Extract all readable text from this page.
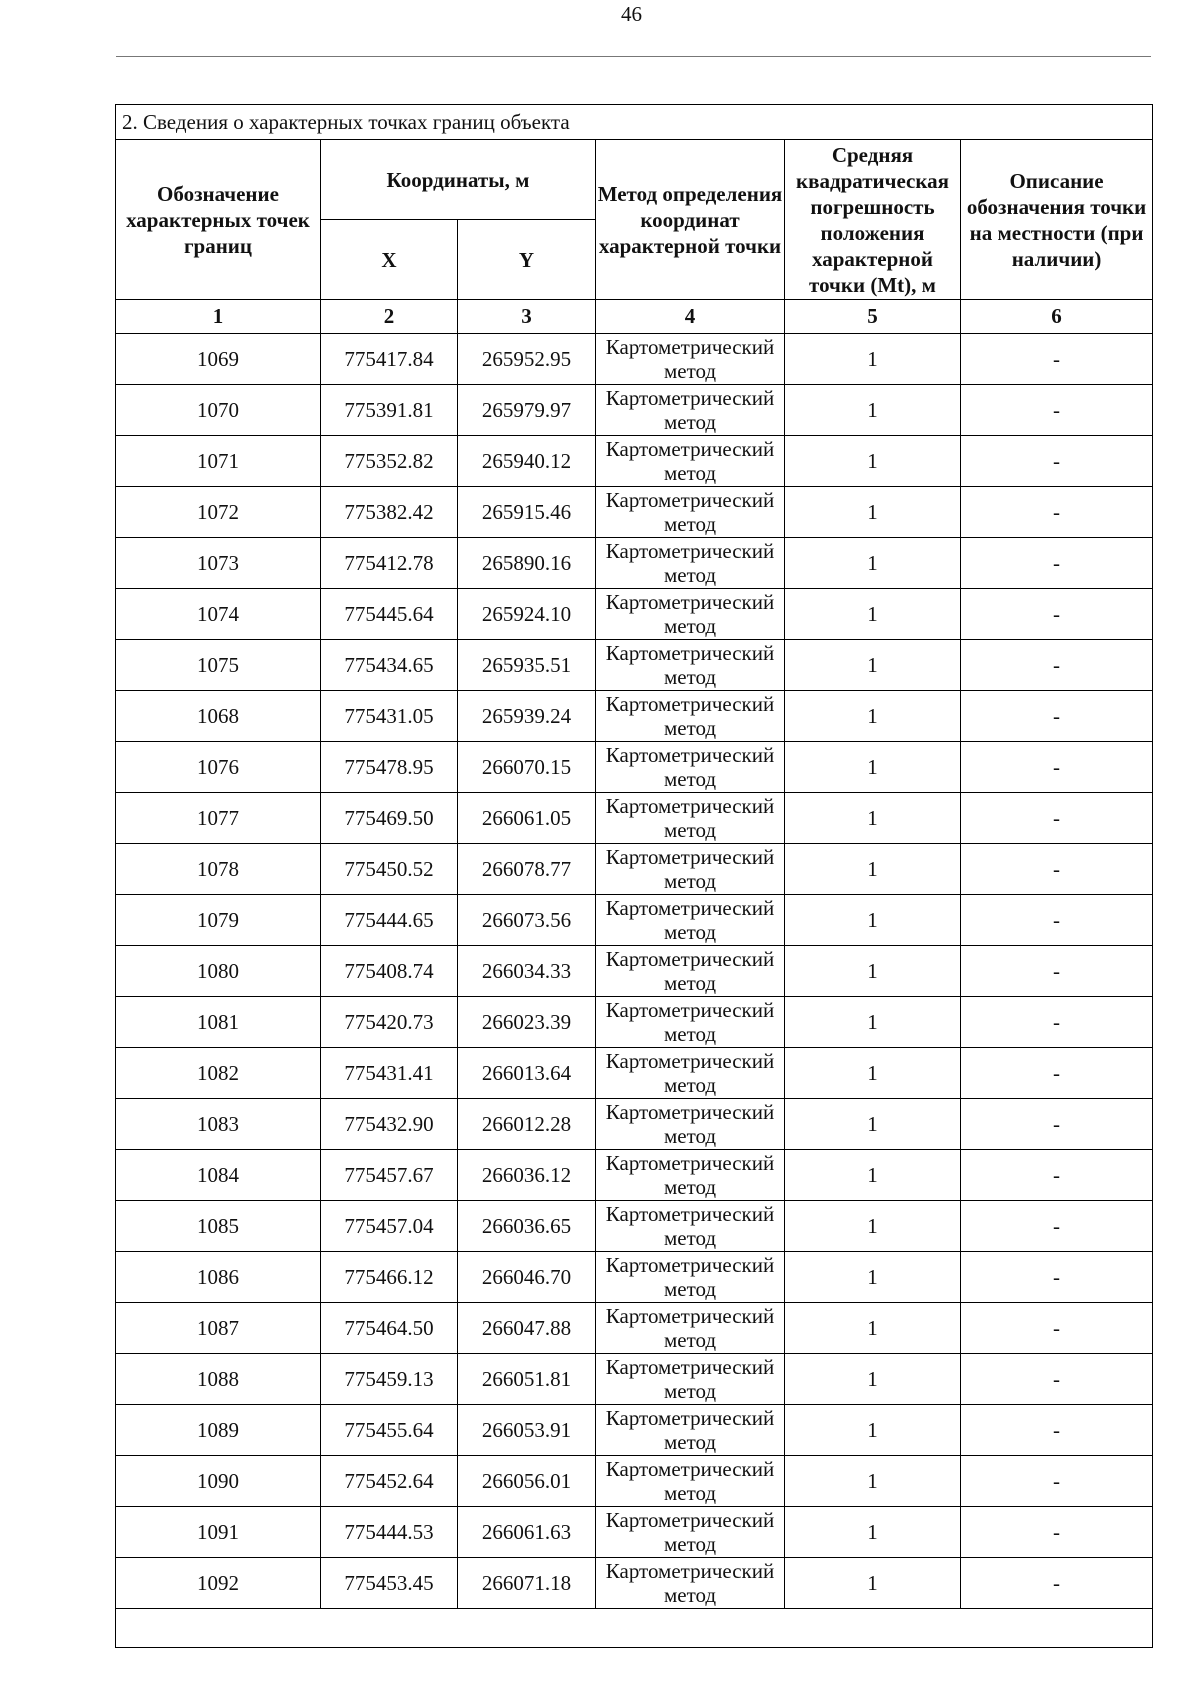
46
2. Сведения о характерных точках границ объекта					
Обозначение характерных точек границ	Координаты, м		Метод определения координат характерной точки	Средняя квадратическая погрешность положения характерной точки (Mt), м	Описание обозначения точки на местности (при наличии)
	X	Y			
1	2	3	4	5	6
1069	775417.84	265952.95	Картометрический метод	1	-
1070	775391.81	265979.97	Картометрический метод	1	-
1071	775352.82	265940.12	Картометрический метод	1	-
1072	775382.42	265915.46	Картометрический метод	1	-
1073	775412.78	265890.16	Картометрический метод	1	-
1074	775445.64	265924.10	Картометрический метод	1	-
1075	775434.65	265935.51	Картометрический метод	1	-
1068	775431.05	265939.24	Картометрический метод	1	-
1076	775478.95	266070.15	Картометрический метод	1	-
1077	775469.50	266061.05	Картометрический метод	1	-
1078	775450.52	266078.77	Картометрический метод	1	-
1079	775444.65	266073.56	Картометрический метод	1	-
1080	775408.74	266034.33	Картометрический метод	1	-
1081	775420.73	266023.39	Картометрический метод	1	-
1082	775431.41	266013.64	Картометрический метод	1	-
1083	775432.90	266012.28	Картометрический метод	1	-
1084	775457.67	266036.12	Картометрический метод	1	-
1085	775457.04	266036.65	Картометрический метод	1	-
1086	775466.12	266046.70	Картометрический метод	1	-
1087	775464.50	266047.88	Картометрический метод	1	-
1088	775459.13	266051.81	Картометрический метод	1	-
1089	775455.64	266053.91	Картометрический метод	1	-
1090	775452.64	266056.01	Картометрический метод	1	-
1091	775444.53	266061.63	Картометрический метод	1	-
1092	775453.45	266071.18	Картометрический метод	1	-
